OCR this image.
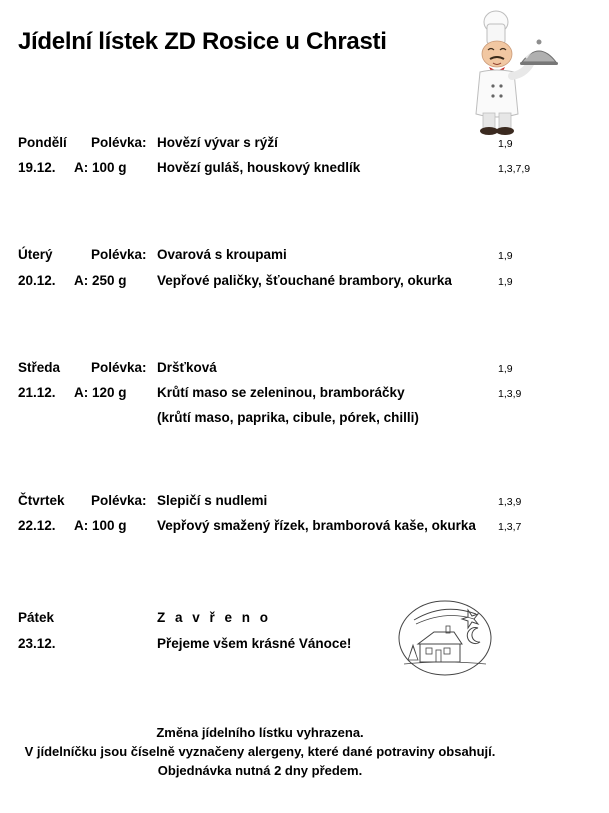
Jídelní lístek ZD Rosice u Chrasti
Pondělí Polévka: Hovězí vývar s rýží	1,9
19.12. A: 100 g Hovězí guláš, houskový knedlík	1,3,7,9
Úterý	Polévka: Ovarová s kroupami	1,9
20.12. A: 250 g Vepřové paličky, šťouchané brambory, okurka	1,9
Středa Polévka: Dršťková	1,9
21.12. A: 120 g Krůtí maso se zeleninou, bramboráčky	1,3,9
(krůtí maso, paprika, cibule, pórek, chilli)
Čtvrtek Polévka: Slepičí s nudlemi	1,3,9
22.12. A: 100 g Vepřový smažený řízek, bramborová kaše, okurka 1,3,7
Pátek	Z a v ř e n o
23.12.	Přejeme všem krásné Vánoce!
Změna jídelního lístku vyhrazena.
V jídelníčku jsou číselně vyznačeny alergeny, které dané potraviny obsahují.
Objednávka nutná 2 dny předem.
